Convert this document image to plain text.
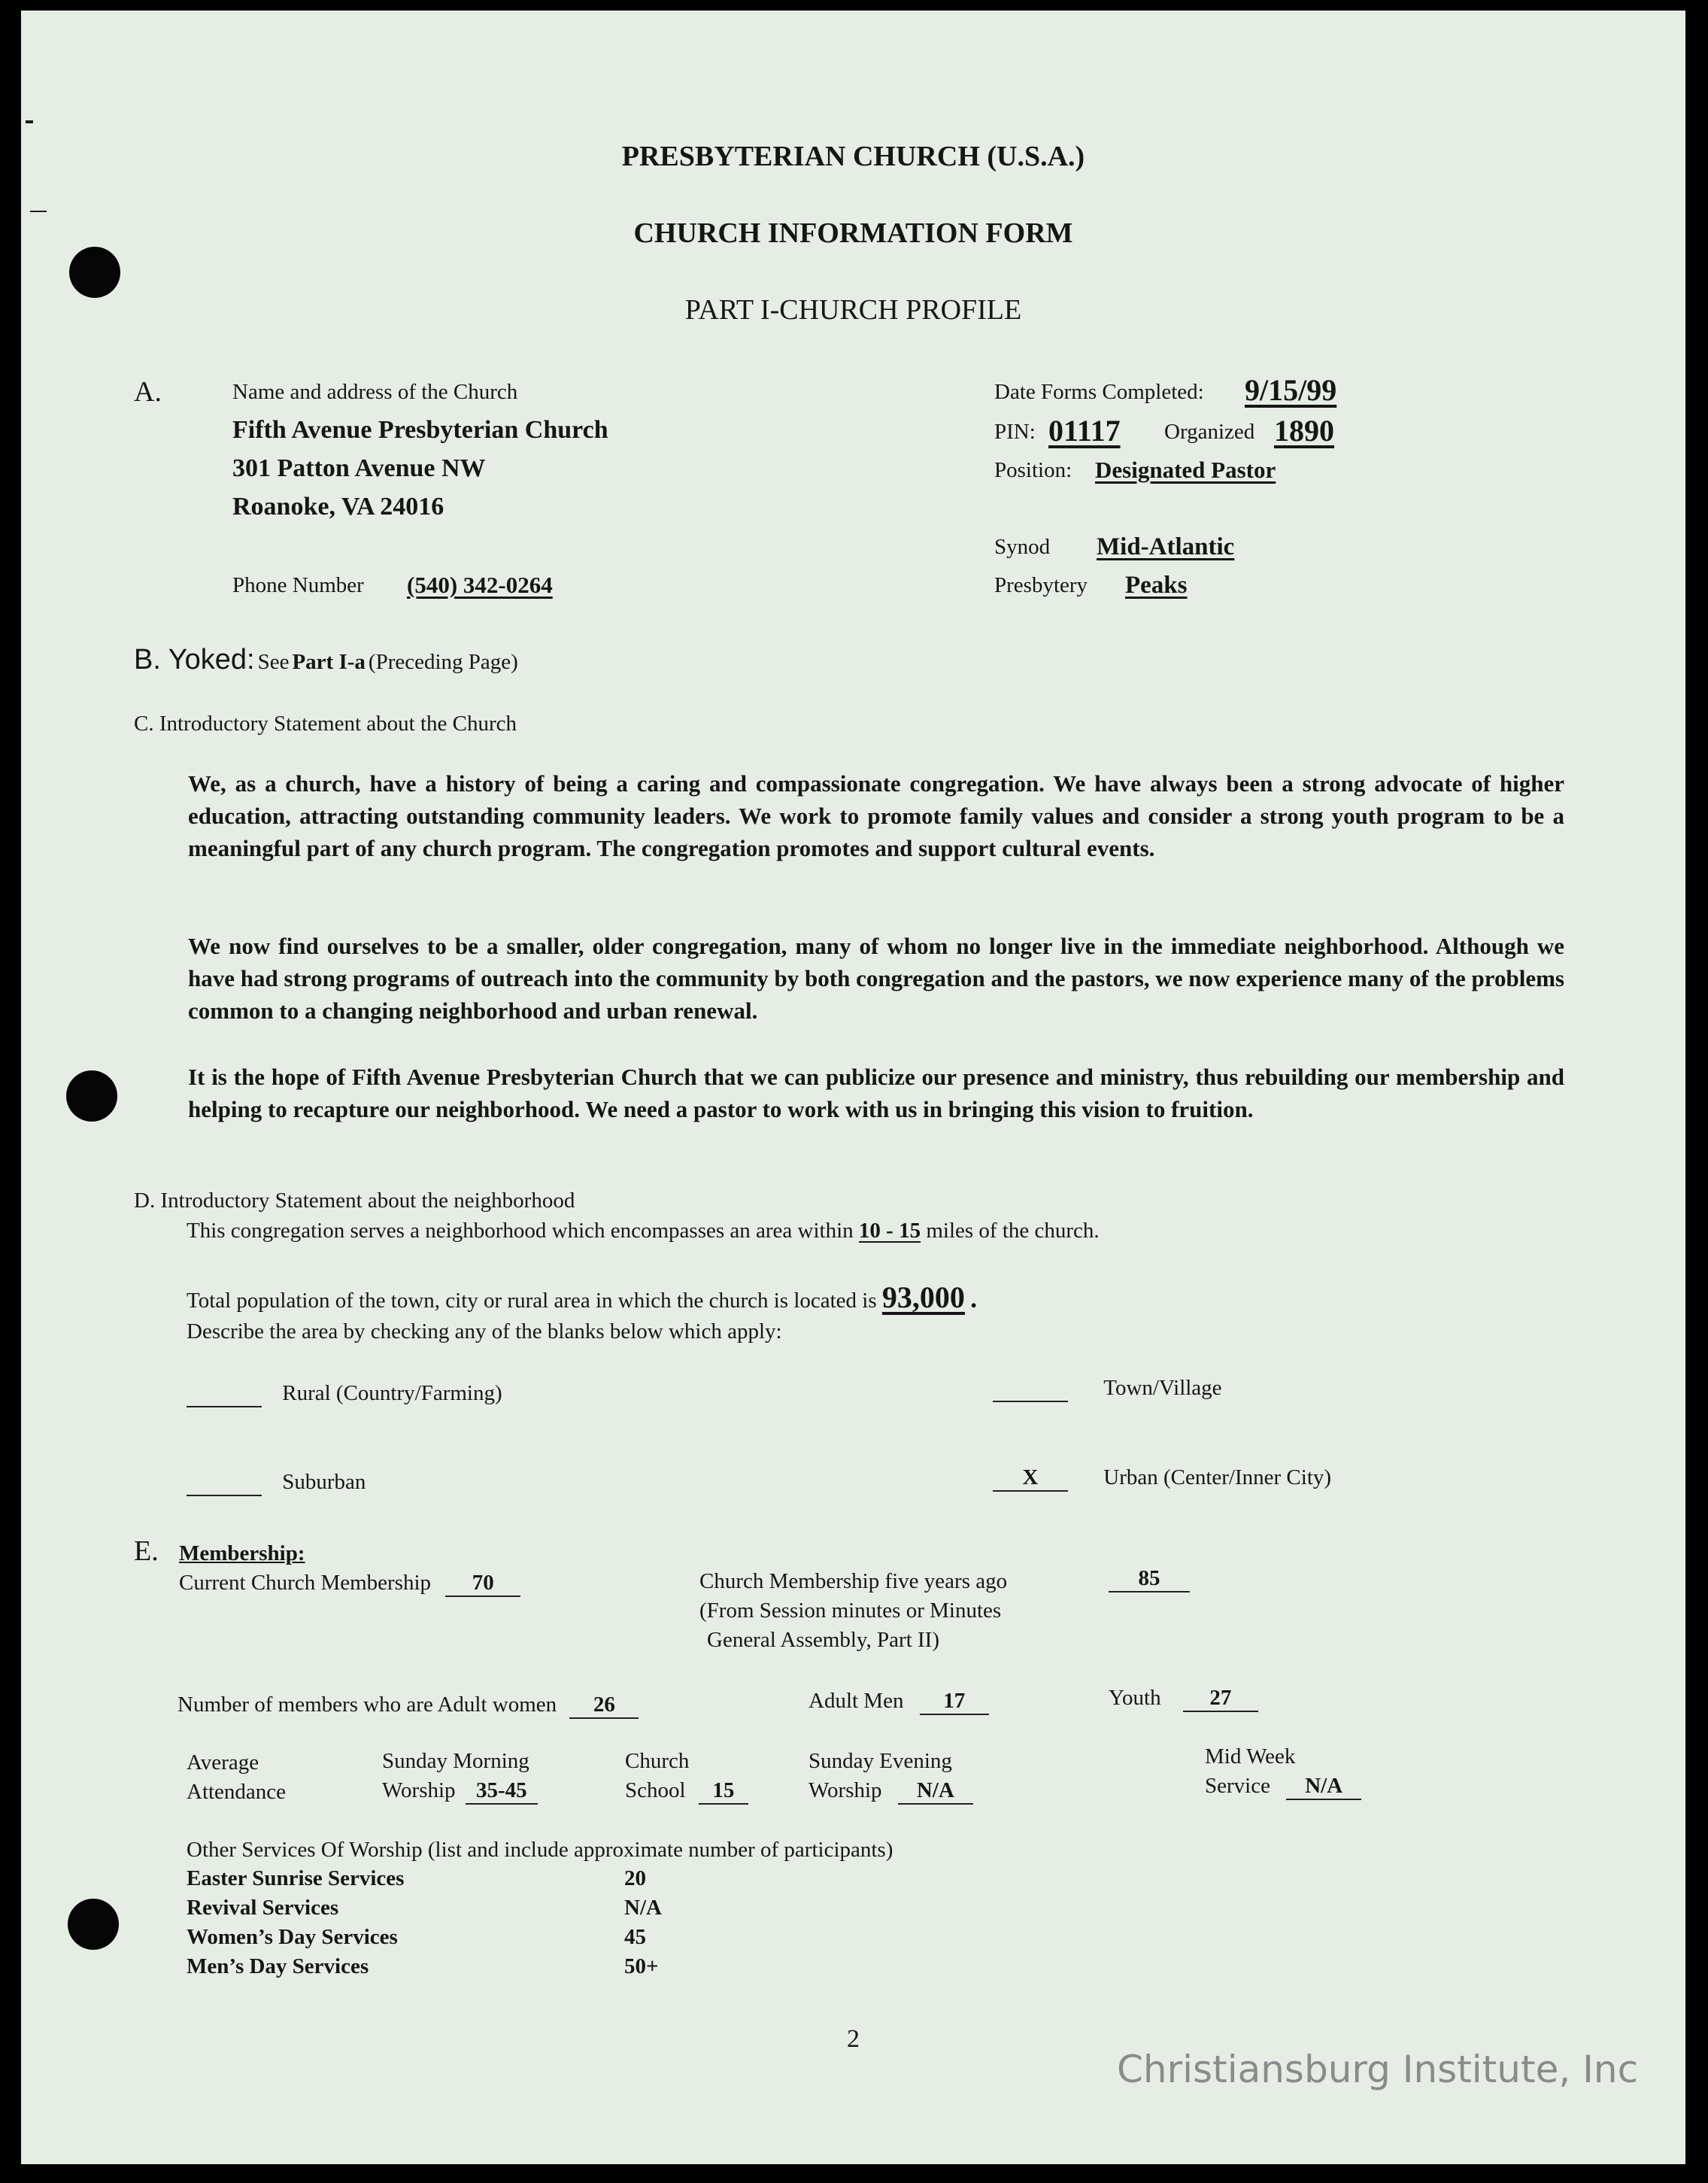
PRESBYTERIAN CHURCH (U.S.A.)
CHURCH INFORMATION FORM
PART I-CHURCH PROFILE
A.	Name and address of the Church
Fifth Avenue Presbyterian Church
301 Patton Avenue NW
Roanoke, VA 24016
Phone Number (540) 342-0264
Date Forms Completed: 9/15/99
PIN: 01117 Organized 1890
Position: Designated Pastor
Synod Mid-Atlantic
Presbytery Peaks
B. Yoked: See Part I-a (Preceding Page)
C. Introductory Statement about the Church
We, as a church, have a history of being a caring and compassionate congregation. We have always been a strong advocate of higher education, attracting outstanding community leaders. We work to promote family values and consider a strong youth program to be a meaningful part of any church program. The congregation promotes and support cultural events.
We now find ourselves to be a smaller, older congregation, many of whom no longer live in the immediate neighborhood. Although we have had strong programs of outreach into the community by both congregation and the pastors, we now experience many of the problems common to a changing neighborhood and urban renewal.
It is the hope of Fifth Avenue Presbyterian Church that we can publicize our presence and ministry, thus rebuilding our membership and helping to recapture our neighborhood. We need a pastor to work with us in bringing this vision to fruition.
D. Introductory Statement about the neighborhood
This congregation serves a neighborhood which encompasses an area within 10 - 15 miles of the church.
Total population of the town, city or rural area in which the church is located is 93,000 .
Describe the area by checking any of the blanks below which apply:
Rural (Country/Farming)	Town/Village
Suburban	X	Urban (Center/Inner City)
E. Membership:
Current Church Membership 70	Church Membership five years ago
(From Session minutes or Minutes
General Assembly, Part II)
85
Number of members who are Adult women 26	Adult Men 17	Youth 27
Average
Attendance
Sunday Morning
Worship 35-45
Church
School 15
Sunday Evening
Worship N/A
Mid Week
Service N/A
Other Services Of Worship (list and include approximate number of participants)
Easter Sunrise Services	20
Revival Services	N/A
Women’s Day Services	45
Men’s Day Services	50+
2
Christiansburg Institute, Inc
